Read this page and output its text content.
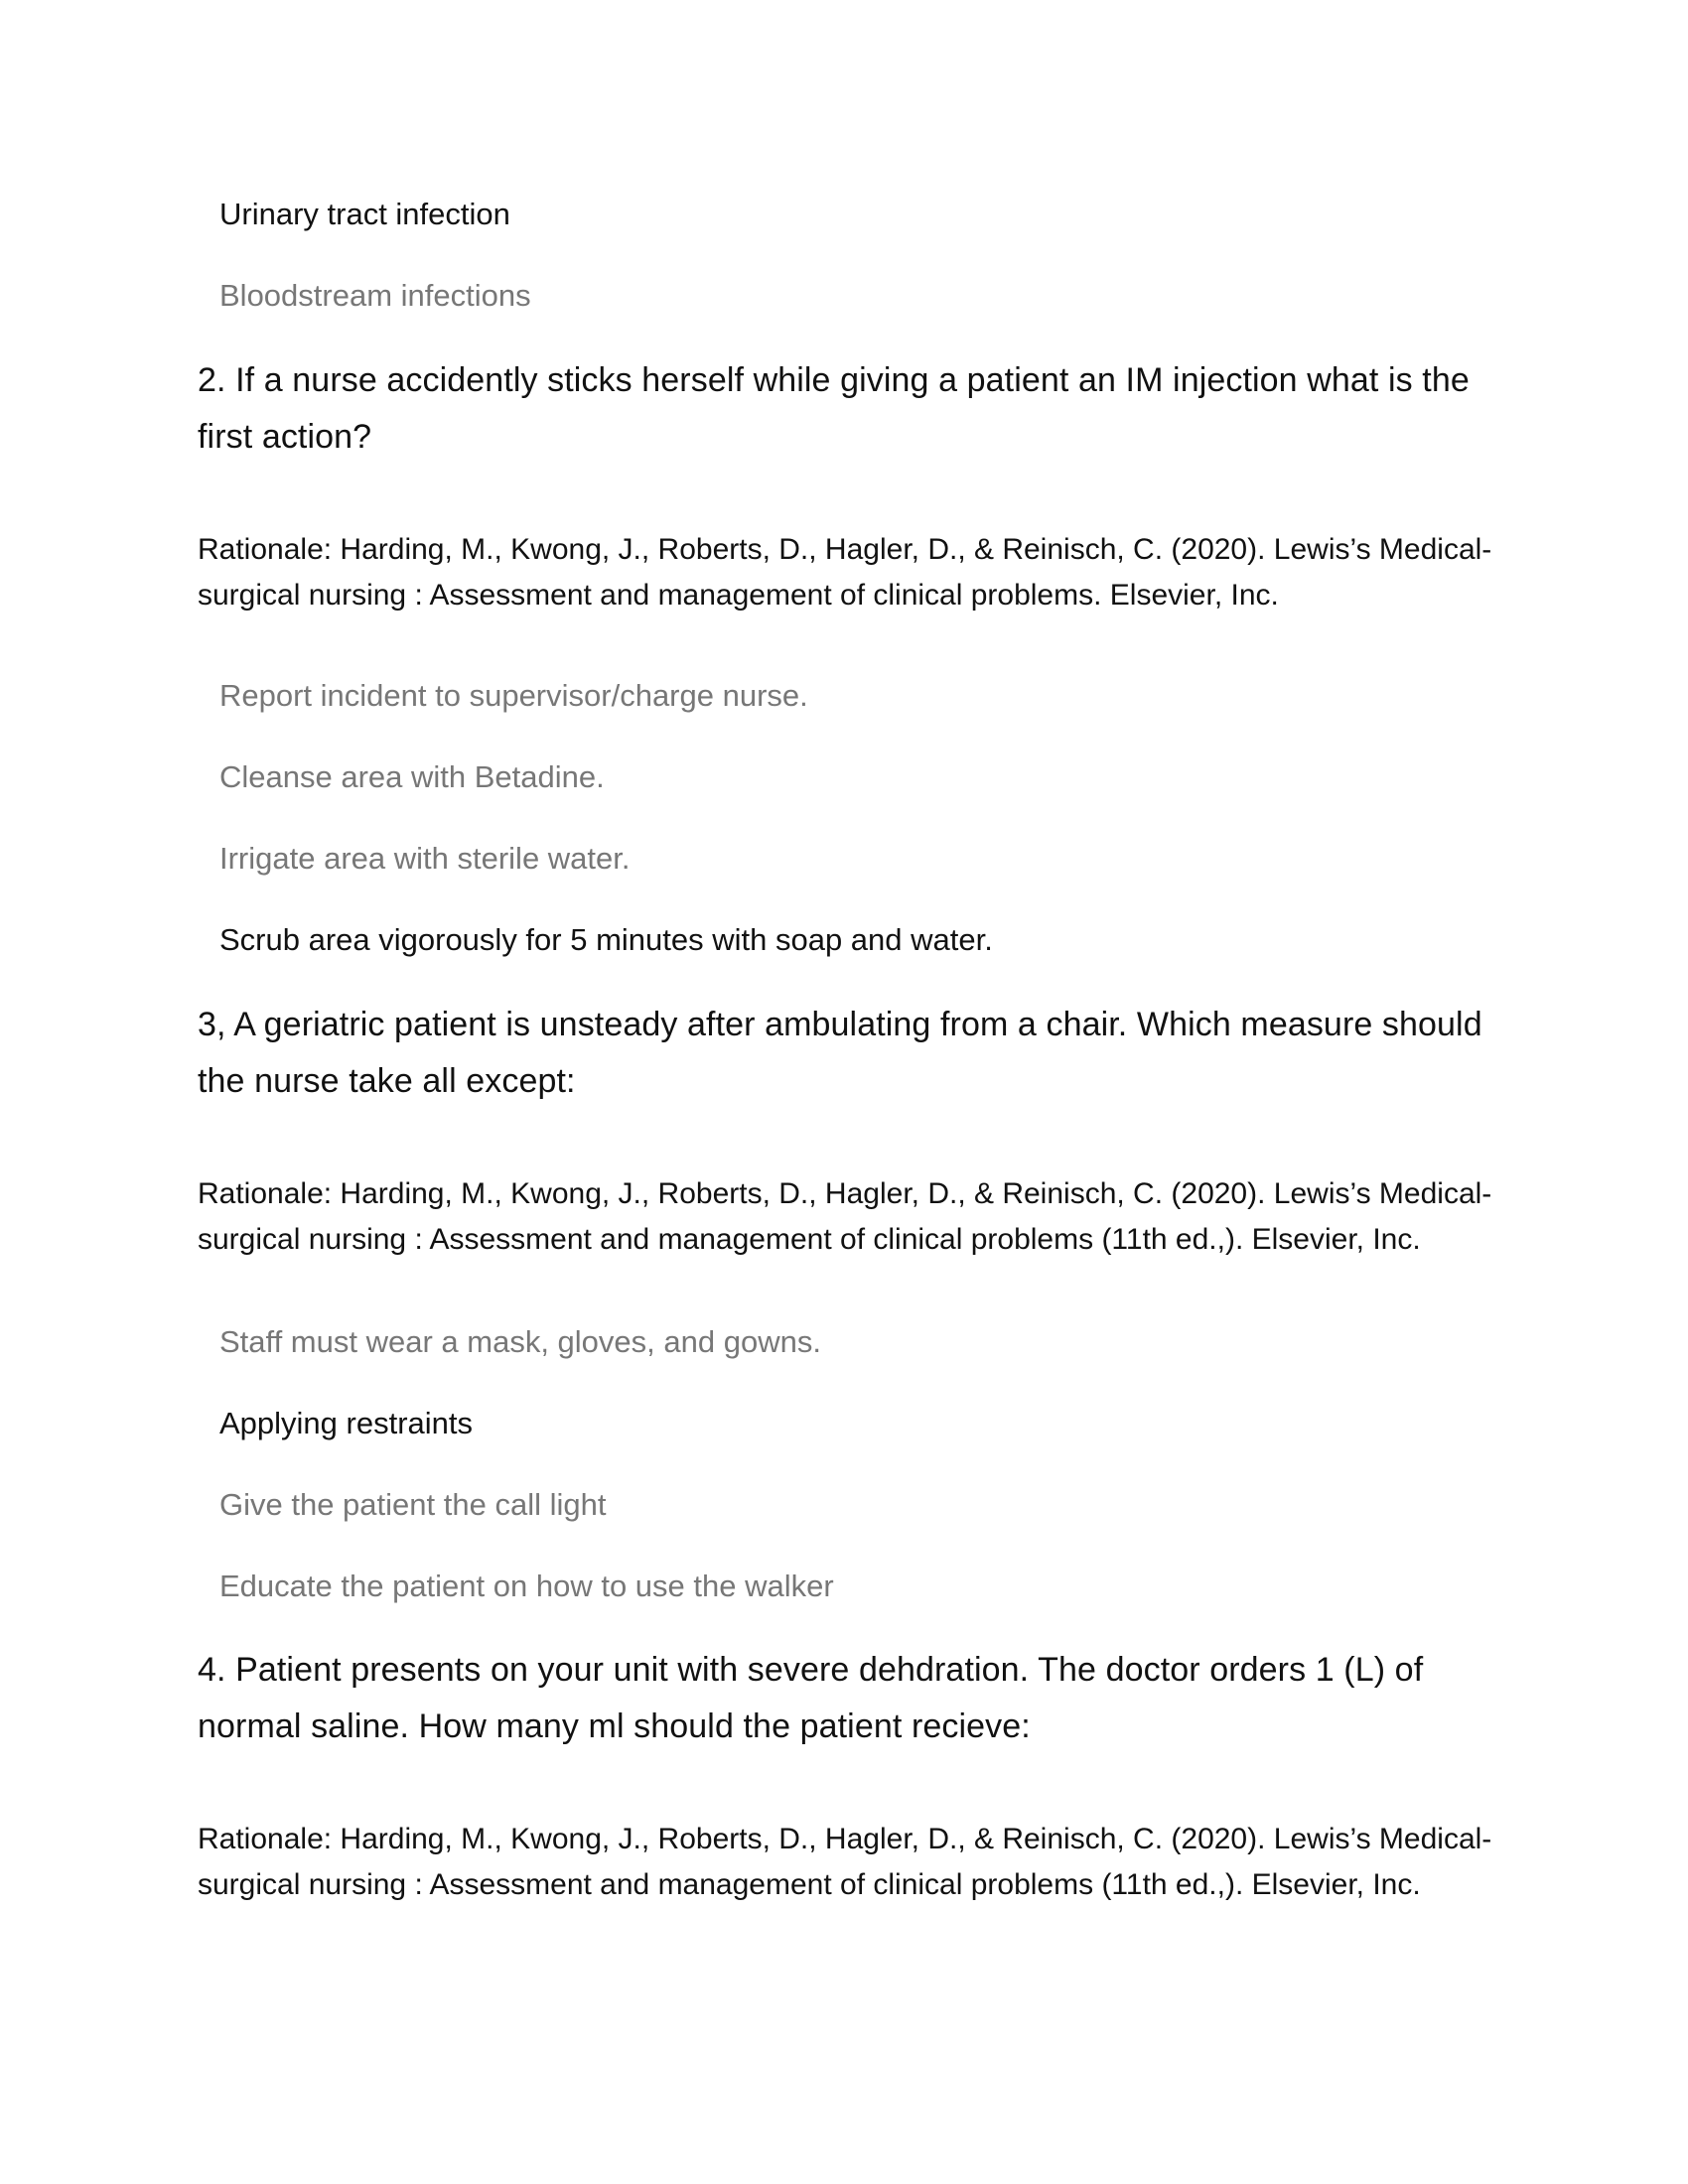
Urinary tract infection
Bloodstream infections
2. If a nurse accidently sticks herself while giving a patient an IM injection what is the
first action?
Rationale: Harding, M., Kwong, J., Roberts, D., Hagler, D., & Reinisch, C. (2020). Lewis’s Medical-
surgical nursing : Assessment and management of clinical problems. Elsevier, Inc.
Report incident to supervisor/charge nurse.
Cleanse area with Betadine.
Irrigate area with sterile water.
Scrub area vigorously for 5 minutes with soap and water.
3, A geriatric patient is unsteady after ambulating from a chair. Which measure should
the nurse take all except:
Rationale: Harding, M., Kwong, J., Roberts, D., Hagler, D., & Reinisch, C. (2020). Lewis’s Medical-
surgical nursing : Assessment and management of clinical problems (11th ed.,). Elsevier, Inc.
Staff must wear a mask, gloves, and gowns.
Applying restraints
Give the patient the call light
Educate the patient on how to use the walker
4. Patient presents on your unit with severe dehdration. The doctor orders 1 (L) of
normal saline. How many ml should the patient recieve:
Rationale: Harding, M., Kwong, J., Roberts, D., Hagler, D., & Reinisch, C. (2020). Lewis’s Medical-
surgical nursing : Assessment and management of clinical problems (11th ed.,). Elsevier, Inc.
